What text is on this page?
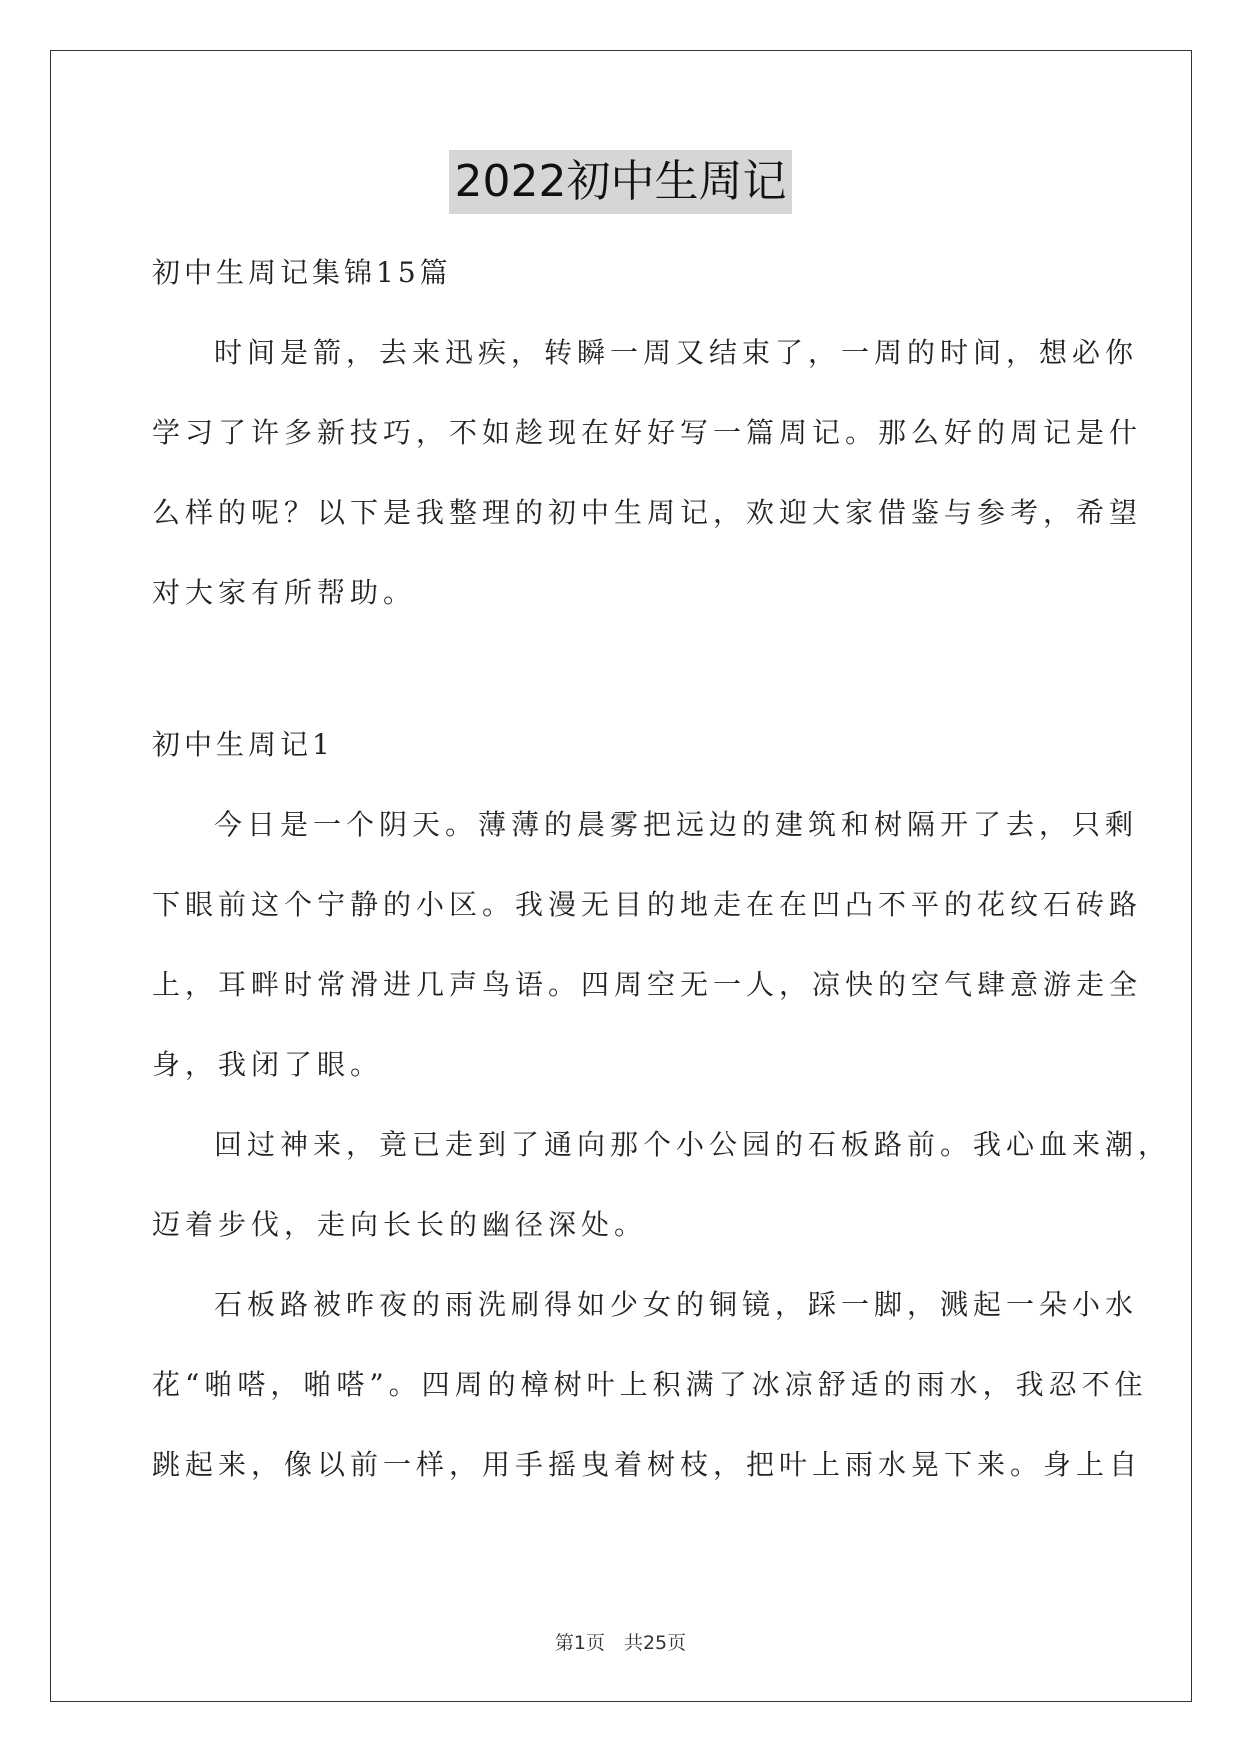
2022初中生周记
初中生周记集锦15篇
时间是箭，去来迅疾，转瞬一周又结束了，一周的时间，想必你
学习了许多新技巧，不如趁现在好好写一篇周记。那么好的周记是什
么样的呢？以下是我整理的初中生周记，欢迎大家借鉴与参考，希望
对大家有所帮助。
初中生周记1
今日是一个阴天。薄薄的晨雾把远边的建筑和树隔开了去，只剩
下眼前这个宁静的小区。我漫无目的地走在在凹凸不平的花纹石砖路
上，耳畔时常滑进几声鸟语。四周空无一人，凉快的空气肆意游走全
身，我闭了眼。
回过神来，竟已走到了通向那个小公园的石板路前。我心血来潮，
迈着步伐，走向长长的幽径深处。
石板路被昨夜的雨洗刷得如少女的铜镜，踩一脚，溅起一朵小水
花“啪嗒，啪嗒”。四周的樟树叶上积满了冰凉舒适的雨水，我忍不住
跳起来，像以前一样，用手摇曳着树枝，把叶上雨水晃下来。身上自
第1页　共25页
